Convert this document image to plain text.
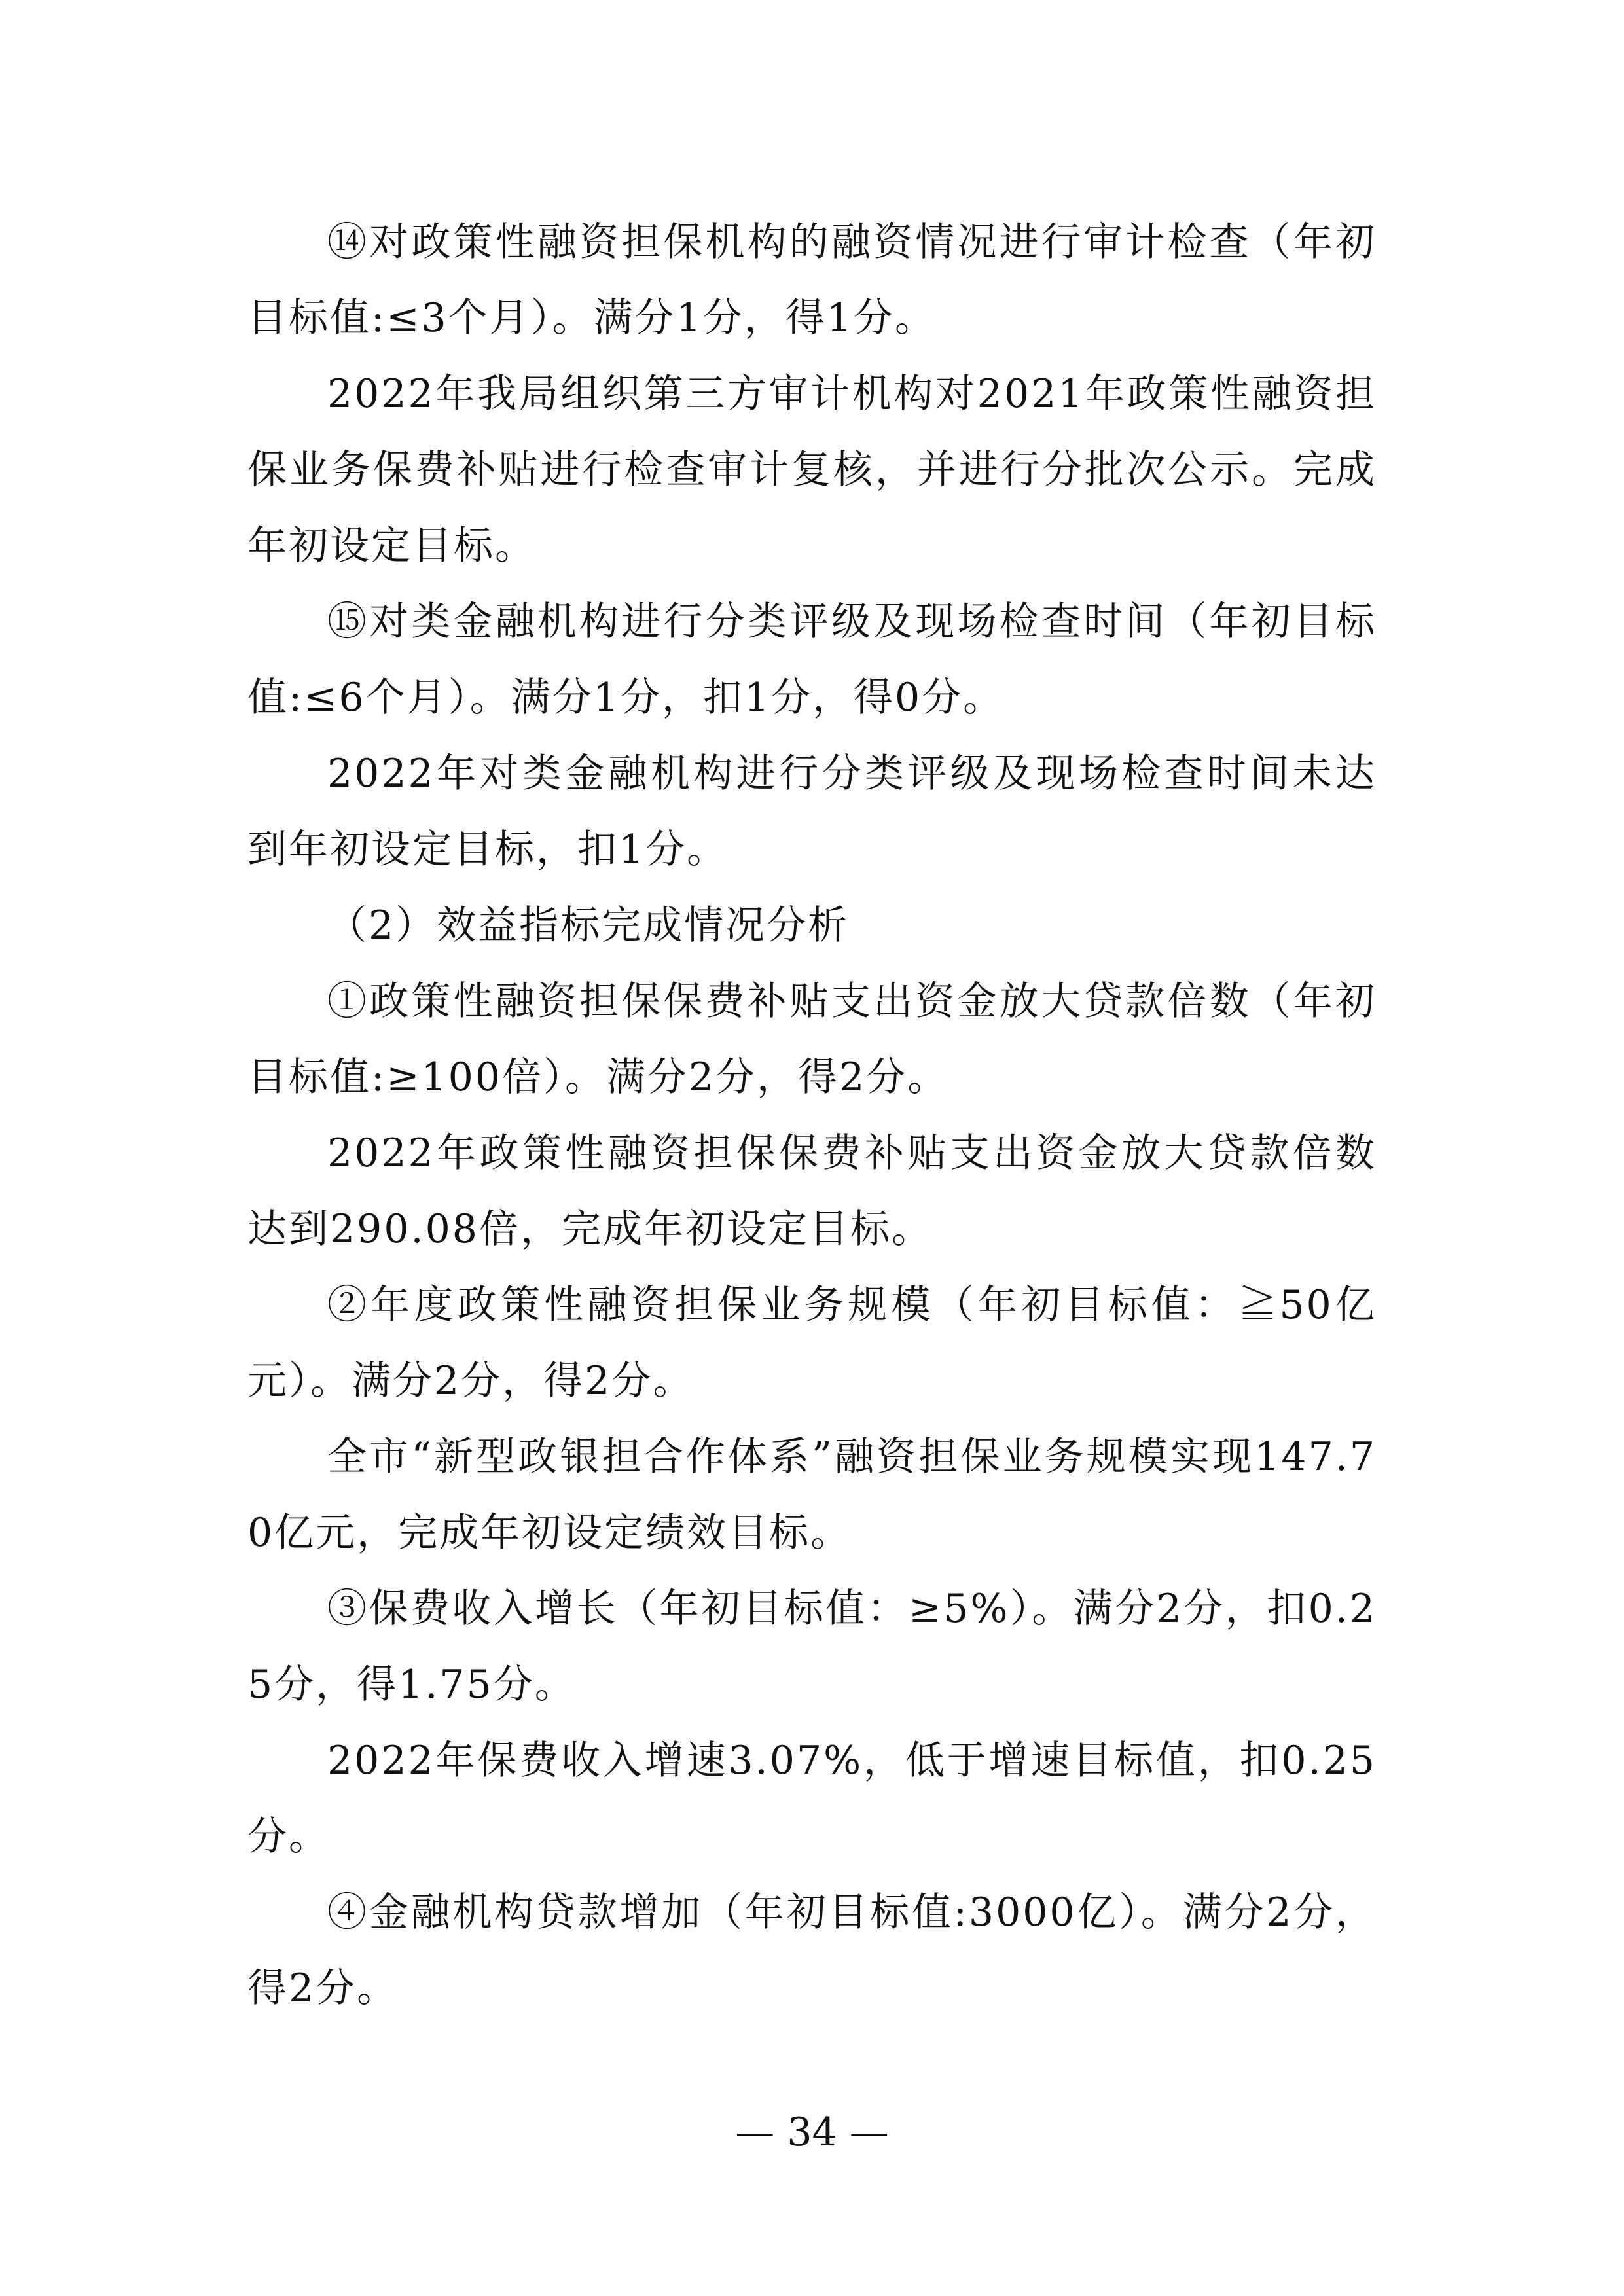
⑭对政策性融资担保机构的融资情况进行审计检查（年初目标值:≤3个月）。满分1分，得1分。

2022年我局组织第三方审计机构对2021年政策性融资担保业务保费补贴进行检查审计复核，并进行分批次公示。完成年初设定目标。

⑮对类金融机构进行分类评级及现场检查时间（年初目标值:≤6个月）。满分1分，扣1分，得0分。

2022年对类金融机构进行分类评级及现场检查时间未达到年初设定目标，扣1分。

（2）效益指标完成情况分析

①政策性融资担保保费补贴支出资金放大贷款倍数（年初目标值:≥100倍）。满分2分，得2分。

2022年政策性融资担保保费补贴支出资金放大贷款倍数达到290.08倍，完成年初设定目标。

②年度政策性融资担保业务规模（年初目标值：≧50亿元）。满分2分，得2分。

全市“新型政银担合作体系”融资担保业务规模实现147.70亿元，完成年初设定绩效目标。

③保费收入增长（年初目标值：≥5%）。满分2分，扣0.25分，得1.75分。

2022年保费收入增速3.07%，低于增速目标值，扣0.25分。

④金融机构贷款增加（年初目标值:3000亿）。满分2分，得2分。

— 34 —
